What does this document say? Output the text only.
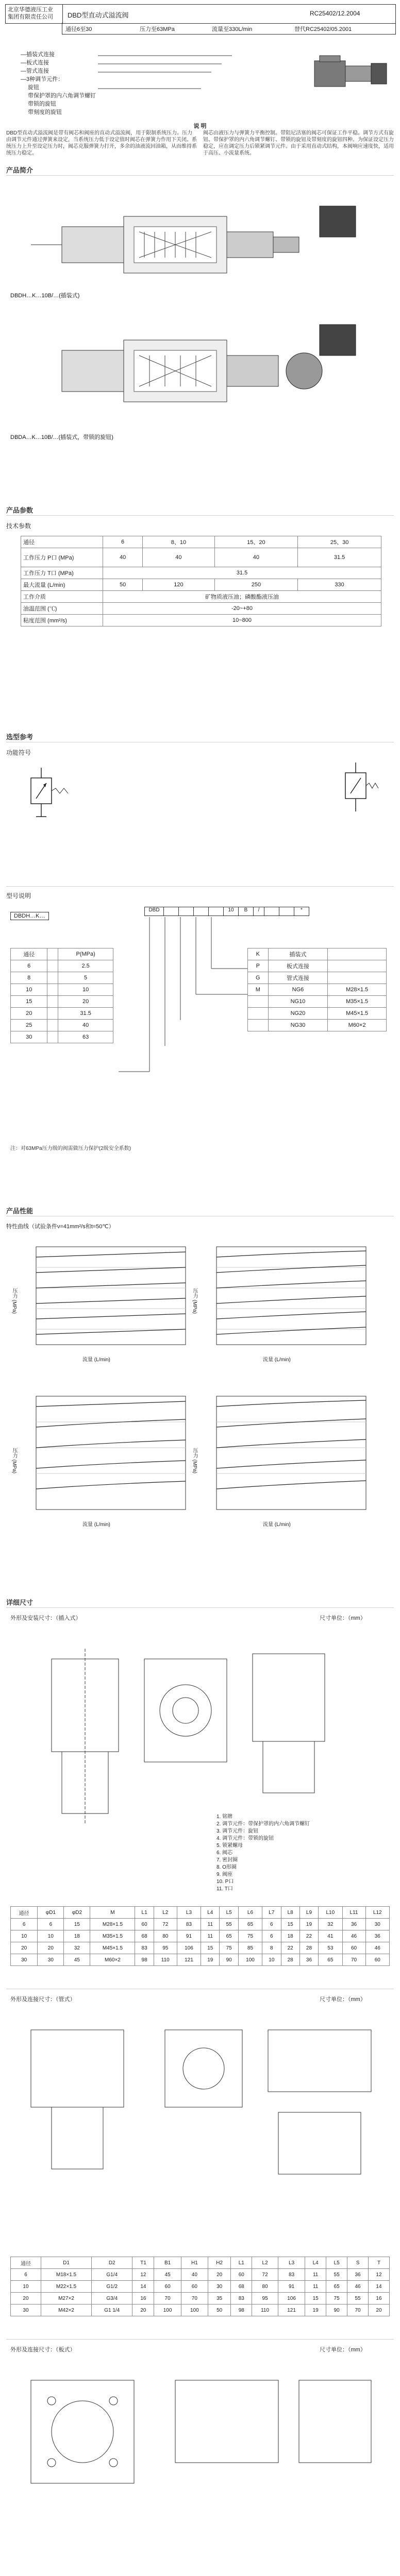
北京华德液压工业
集团有限责任公司 DBD型直动式溢流阀	RC25402/12.2004
通径6至30	压力至63MPa	流量至330L/min	替代RC25402/05.2001
—插装式连接
—板式连接
—管式连接
—3种调节元件：
旋钮
带保护罩的内六角调节螺钉
带锁的旋钮
带刻度的旋钮
说 明
DBD型直动式溢流阀是带有阀芯和阀座的直动式溢流阀，用于限制系统压力。压力由调节元件通过弹簧来设定，当系统压力低于设定值时阀芯在弹簧力作用下关闭。系统压力上升至设定压力时，阀芯克服弹簧力打开，多余的油液流回油箱，从而维持系统压力稳定。
阀芯由液压力与弹簧力平衡控制。带阻尼活塞的阀芯可保证工作平稳。调节方式有旋钮、带保护罩的内六角调节螺钉、带锁的旋钮及带刻度的旋钮四种。为保证设定压力稳定，应在调定压力后锁紧调节元件。由于采用直动式结构，本阀响应速度快，适用于高压、小流量系统。
产品简介
DBDH…K…10B/…(插装式)
DBDA…K…10B/…(插装式，带锁的旋钮)
产品参数
技术参数
通径	6	8、10	15、20	25、30
工作压力 P口 (MPa)	40	40	40	31.5
工作压力 T口 (MPa)	31.5			
最大流量 (L/min)	50	120	250	330
工作介质	矿物质液压油；磷酸酯液压油			
油温范围 (℃)	-20~+80			
粘度范围 (mm²/s)	10~800			
选型参考
功能符号
型号说明
DBD	10	B	/	*
DBDH…K…
通径		P(MPa)
6		2.5
8		5
10		10
15		20
20		31.5
25		40
30		63
K	插装式	
P	板式连接	
G	管式连接	
M	NG6	M28×1.5
	NG10	M35×1.5
	NG20	M45×1.5
	NG30	M60×2
注：对63MPa压力级的阀需做压力保护(2级安全系数)
产品性能
特性曲线（试验条件ν=41mm²/s和t=50℃）
压力 (MPa)	压力 (MPa)
压力 (MPa)	压力 (MPa)
流量 (L/min)	流量 (L/min)
流量 (L/min)	流量 (L/min)
详细尺寸
外形及安装尺寸：（插入式）	尺寸单位：（mm）
1. 铭牌
2. 调节元件：带保护罩的内六角调节螺钉
3. 调节元件：旋钮
4. 调节元件：带锁的旋钮
5. 锁紧螺母
6. 阀芯
7. 密封圈
8. O形圈
9. 阀座
10. P口
11. T口
通径	φD1	φD2	M	L1	L2	L3	L4	L5	L6	L7	L8	L9	L10	L11	L12
6	6	15	M28×1.5	60	72	83	11	55	65	6	15	19	32	36	30
10	10	18	M35×1.5	68	80	91	11	65	75	6	18	22	41	46	36
20	20	32	M45×1.5	83	95	106	15	75	85	8	22	28	53	60	46
30	30	45	M60×2	98	110	121	19	90	100	10	28	36	65	70	60
外形及连接尺寸：（管式）	尺寸单位：（mm）
通径	D1	D2	T1	B1	H1	H2	L1	L2	L3	L4	L5	S	T
6	M18×1.5	G1/4	12	45	40	20	60	72	83	11	55	36	12
10	M22×1.5	G1/2	14	60	60	30	68	80	91	11	65	46	14
20	M27×2	G3/4	16	70	70	35	83	95	106	15	75	55	16
30	M42×2	G1 1/4	20	100	100	50	98	110	121	19	90	70	20
外形及连接尺寸：（板式）	尺寸单位：（mm）
